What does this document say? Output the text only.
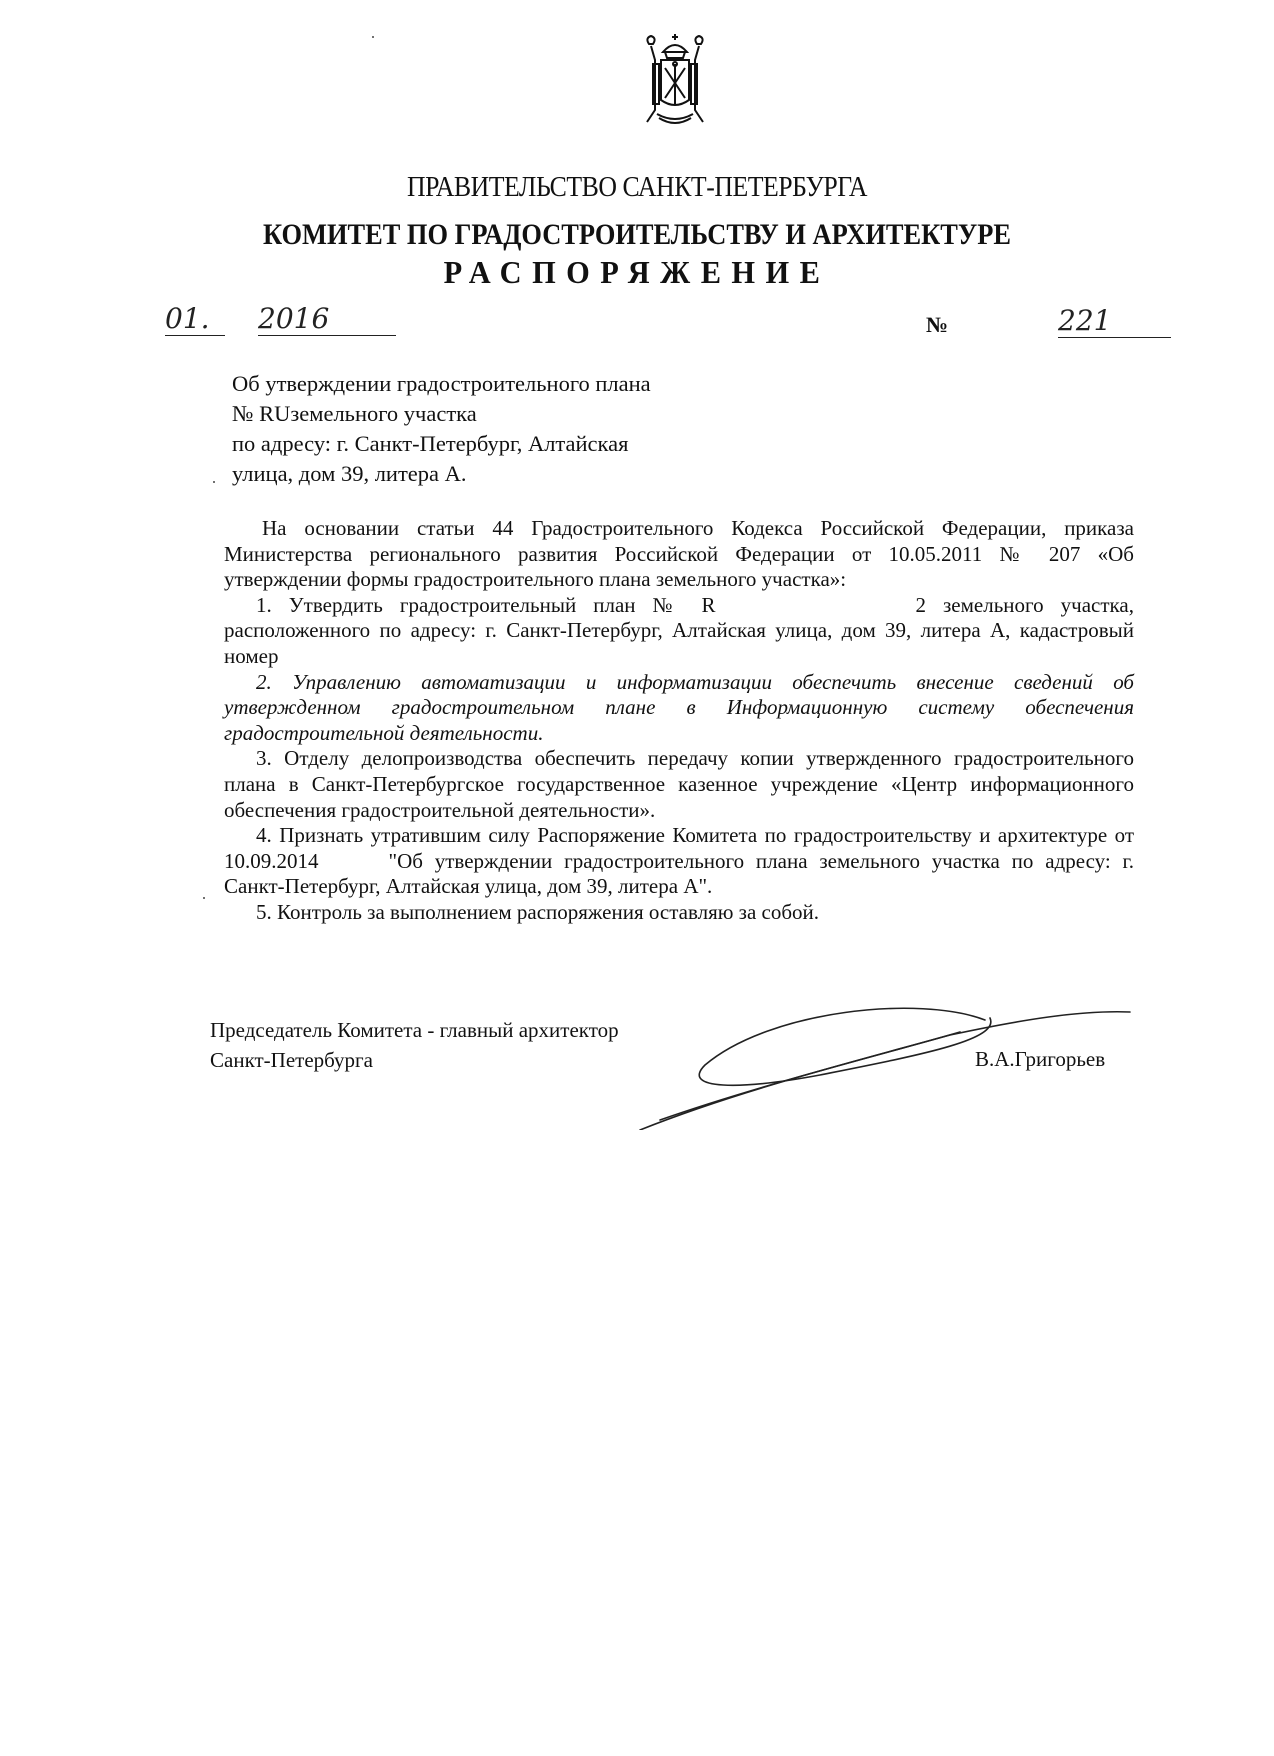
ПРАВИТЕЛЬСТВО САНКТ-ПЕТЕРБУРГА
КОМИТЕТ ПО ГРАДОСТРОИТЕЛЬСТВУ И АРХИТЕКТУРЕ
РАСПОРЯЖЕНИЕ
01.	2016	№	221
Об утверждении градостроительного плана
№ RUземельного участка
по адресу: г. Санкт-Петербург, Алтайская
улица, дом 39, литера А.

На основании статьи 44 Градостроительного Кодекса Российской Федерации, приказа Министерства регионального развития Российской Федерации от 10.05.2011 № 207 «Об утверждении формы градостроительного плана земельного участка»:

1. Утвердить градостроительный план № R	2 земельного участка, расположенного по адресу: г. Санкт-Петербург, Алтайская улица, дом 39, литера А, кадастровый номер

2. Управлению автоматизации и информатизации обеспечить внесение сведений об утвержденном градостроительном плане в Информационную систему обеспечения градостроительной деятельности.

3. Отделу делопроизводства обеспечить передачу копии утвержденного градостроительного плана в Санкт-Петербургское государственное казенное учреждение «Центр информационного обеспечения градостроительной деятельности».

4. Признать утратившим силу Распоряжение Комитета по градостроительству и архитектуре от 10.09.2014	"Об утверждении градостроительного плана земельного участка по адресу: г. Санкт-Петербург, Алтайская улица, дом 39, литера А".

5. Контроль за выполнением распоряжения оставляю за собой.

Председатель Комитета - главный архитектор
Санкт-Петербурга	В.А.Григорьев
